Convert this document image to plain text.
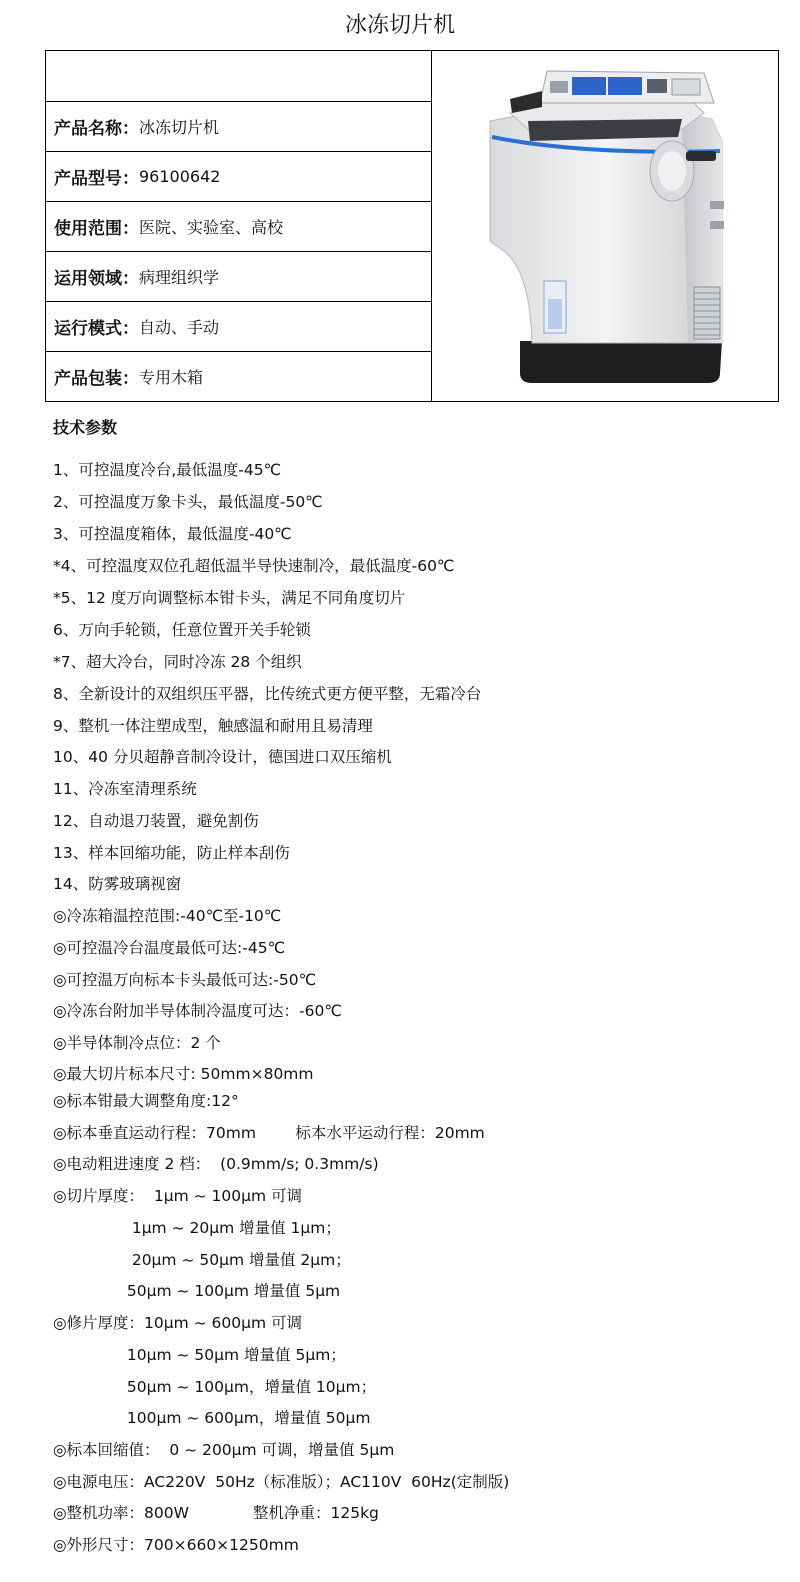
冰冻切片机
产品名称： 冰冻切片机
产品型号： 96100642
使用范围： 医院、实验室、高校
运用领域： 病理组织学
运行模式： 自动、手动
产品包装： 专用木箱
技术参数
1、可控温度冷台,最低温度-45℃
2、可控温度万象卡头，最低温度-50℃
3、可控温度箱体，最低温度-40℃
*4、可控温度双位孔超低温半导快速制冷，最低温度-60℃
*5、12 度万向调整标本钳卡头，满足不同角度切片
6、万向手轮锁，任意位置开关手轮锁
*7、超大冷台，同时冷冻 28 个组织
8、全新设计的双组织压平器，比传统式更方便平整，无霜冷台
9、整机一体注塑成型，触感温和耐用且易清理
10、40 分贝超静音制冷设计，德国进口双压缩机
11、冷冻室清理系统
12、自动退刀装置，避免割伤
13、样本回缩功能，防止样本刮伤
14、防雾玻璃视窗
◎冷冻箱温控范围:-40℃至-10℃
◎可控温冷台温度最低可达:-45℃
◎可控温万向标本卡头最低可达:-50℃
◎冷冻台附加半导体制冷温度可达：-60℃
◎半导体制冷点位：2 个
◎最大切片标本尺寸: 50mm×80mm
◎标本钳最大调整角度:12°
◎标本垂直运动行程：70mm        标本水平运动行程：20mm
◎电动粗进速度 2 档：  (0.9mm/s; 0.3mm/s)
◎切片厚度：  1μm ~ 100μm 可调
1μm ~ 20μm 增量值 1μm；
20μm ~ 50μm 增量值 2μm；
50μm ~ 100μm 增量值 5μm
◎修片厚度：10μm ~ 600μm 可调
10μm ~ 50μm 增量值 5μm；
50μm ~ 100μm，增量值 10μm；
100μm ~ 600μm，增量值 50μm
◎标本回缩值：  0 ~ 200μm 可调，增量值 5μm
◎电源电压：AC220V  50Hz（标准版）；AC110V  60Hz(定制版)
◎整机功率：800W             整机净重：125kg
◎外形尺寸：700×660×1250mm
